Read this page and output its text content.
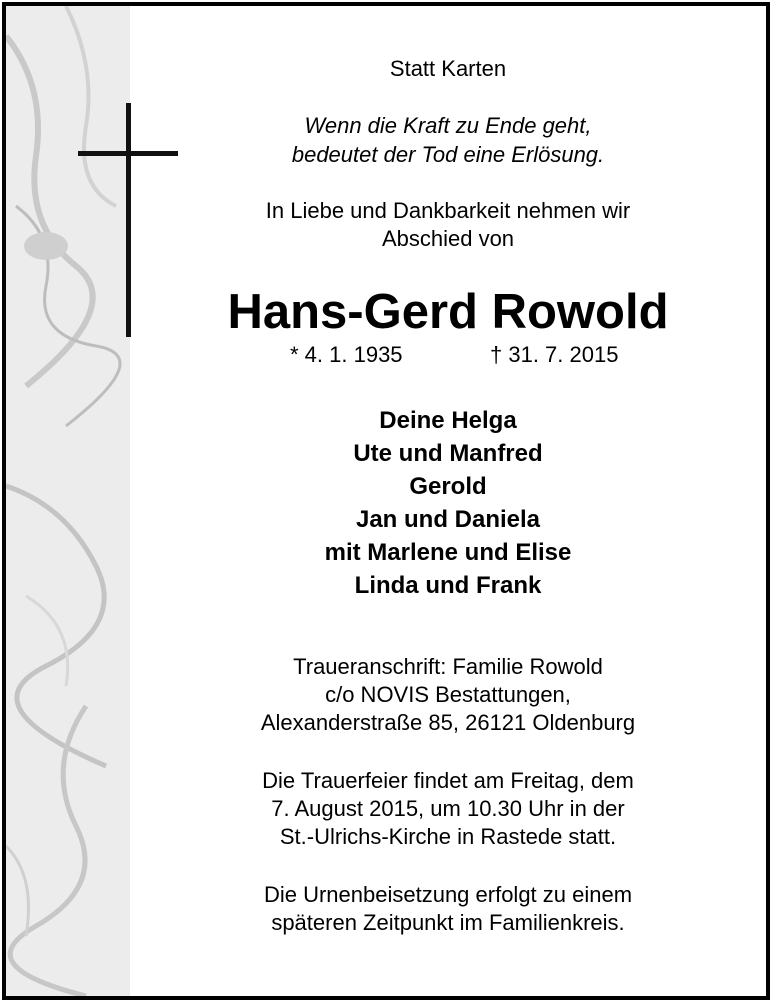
Statt Karten
Wenn die Kraft zu Ende geht,
bedeutet der Tod eine Erlösung.
In Liebe und Dankbarkeit nehmen wir
Abschied von
Hans-Gerd Rowold
* 4. 1. 1935	† 31. 7. 2015
Deine Helga
Ute und Manfred
Gerold
Jan und Daniela
mit Marlene und Elise
Linda und Frank
Traueranschrift: Familie Rowold
c/o NOVIS Bestattungen,
Alexanderstraße 85, 26121 Oldenburg
Die Trauerfeier findet am Freitag, dem
7. August 2015, um 10.30 Uhr in der
St.-Ulrichs-Kirche in Rastede statt.
Die Urnenbeisetzung erfolgt zu einem
späteren Zeitpunkt im Familienkreis.
